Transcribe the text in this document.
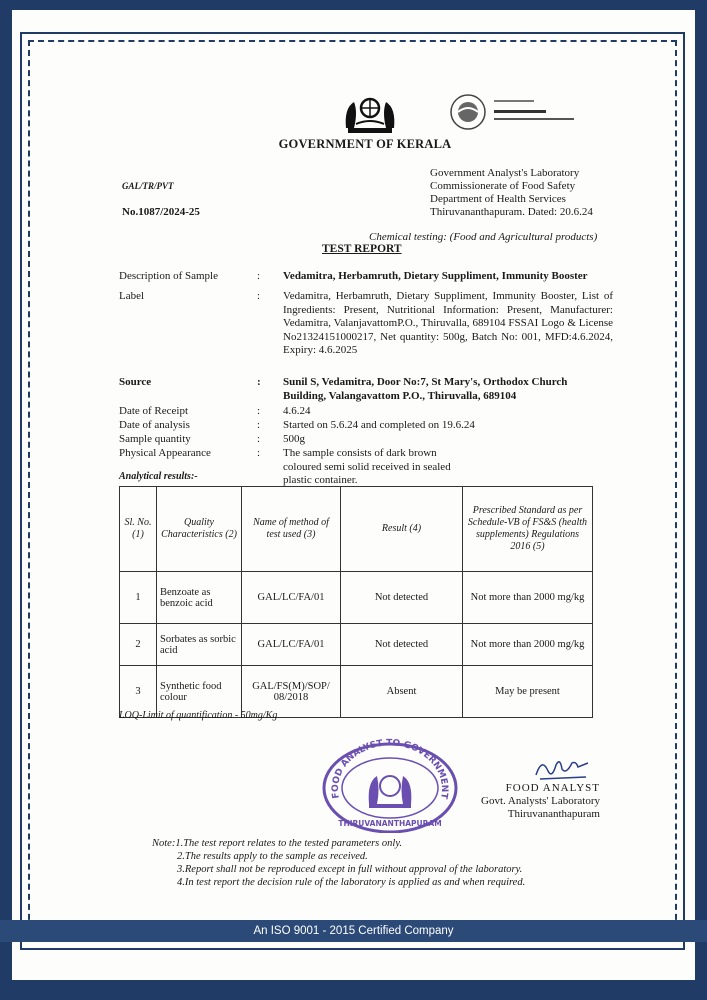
GOVERNMENT OF KERALA
Government Analyst's Laboratory
Commissionerate of Food Safety
Department of Health Services
Thiruvananthapuram. Dated: 20.6.24
GAL/TR/PVT
No.1087/2024-25
Chemical testing: (Food and Agricultural products)
TEST REPORT
Description of Sample	: Vedamitra, Herbamruth, Dietary Suppliment, Immunity Booster
Label	: Vedamitra, Herbamruth, Dietary Suppliment, Immunity Booster, List of Ingredients: Present, Nutritional Information: Present, Manufacturer: Vedamitra, ValanjavattomP.O., Thiruvalla, 689104 FSSAI Logo & License No21324151000217, Net quantity: 500g, Batch No: 001, MFD:4.6.2024, Expiry: 4.6.2025
Source	: Sunil S, Vedamitra, Door No:7, St Mary's, Orthodox Church Building, Valangavattom P.O., Thiruvalla, 689104
Date of Receipt	: 4.6.24
Date of analysis	: Started on 5.6.24 and completed on 19.6.24
Sample quantity	: 500g
Physical Appearance	: The sample consists of dark brown coloured semi solid received in sealed plastic container.
Analytical results:-
Sl. No. (1)	Quality Characteristics (2)	Name of method of test used (3)	Result (4)	Prescribed Standard as per Schedule-VB of FS&S (health supplements) Regulations 2016 (5)
1	Benzoate as benzoic acid	GAL/LC/FA/01	Not detected	Not more than 2000 mg/kg
2	Sorbates as sorbic acid	GAL/LC/FA/01	Not detected	Not more than 2000 mg/kg
3	Synthetic food colour	GAL/FS(M)/SOP/ 08/2018	Absent	May be present
LOQ-Limit of quantification - 50mg/Kg
FOOD ANALYST TO GOVERNMENT
THIRUVANANTHAPURAM
FOOD ANALYST
Govt. Analysts' Laboratory
Thiruvananthapuram
Note:1.The test report relates to the tested parameters only.
2.The results apply to the sample as received.
3.Report shall not be reproduced except in full without approval of the laboratory.
4.In test report the decision rule of the laboratory is applied as and when required.
An ISO 9001 - 2015 Certified Company
